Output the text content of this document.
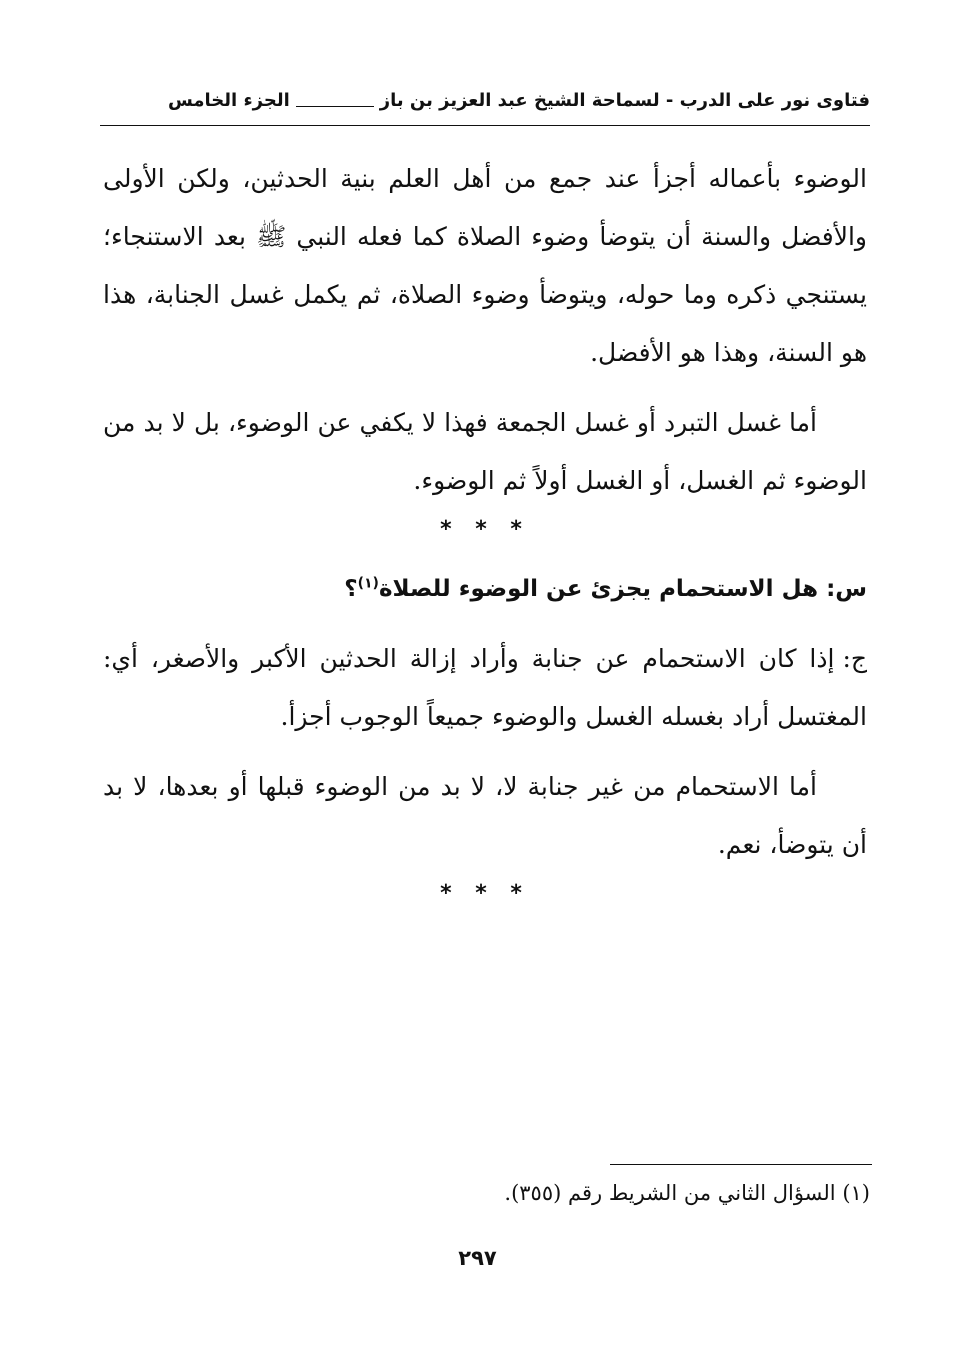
فتاوى نور على الدرب - لسماحة الشيخ عبد العزيز بن باز
الجزء الخامس

الوضوء بأعماله أجزأ عند جمع من أهل العلم بنية الحدثين، ولكن الأولى والأفضل والسنة أن يتوضأ وضوء الصلاة كما فعله النبي ﷺ بعد الاستنجاء؛ يستنجي ذكره وما حوله، ويتوضأ وضوء الصلاة، ثم يكمل غسل الجنابة، هذا هو السنة، وهذا هو الأفضل.

أما غسل التبرد أو غسل الجمعة فهذا لا يكفي عن الوضوء، بل لا بد من الوضوء ثم الغسل، أو الغسل أولاً ثم الوضوء.

* * *

س:هل الاستحمام يجزئ عن الوضوء للصلاة$^{(١)}$؟

ج:إذا كان الاستحمام عن جنابة وأراد إزالة الحدثين الأكبر والأصغر، أي: المغتسل أراد بغسله الغسل والوضوء جميعاً الوجوب أجزأ.

أما الاستحمام من غير جنابة لا، لا بد من الوضوء قبلها أو بعدها، لا بد أن يتوضأ، نعم.

* * *
(١) السؤال الثاني من الشريط رقم (٣٥٥).
٢٩٧
